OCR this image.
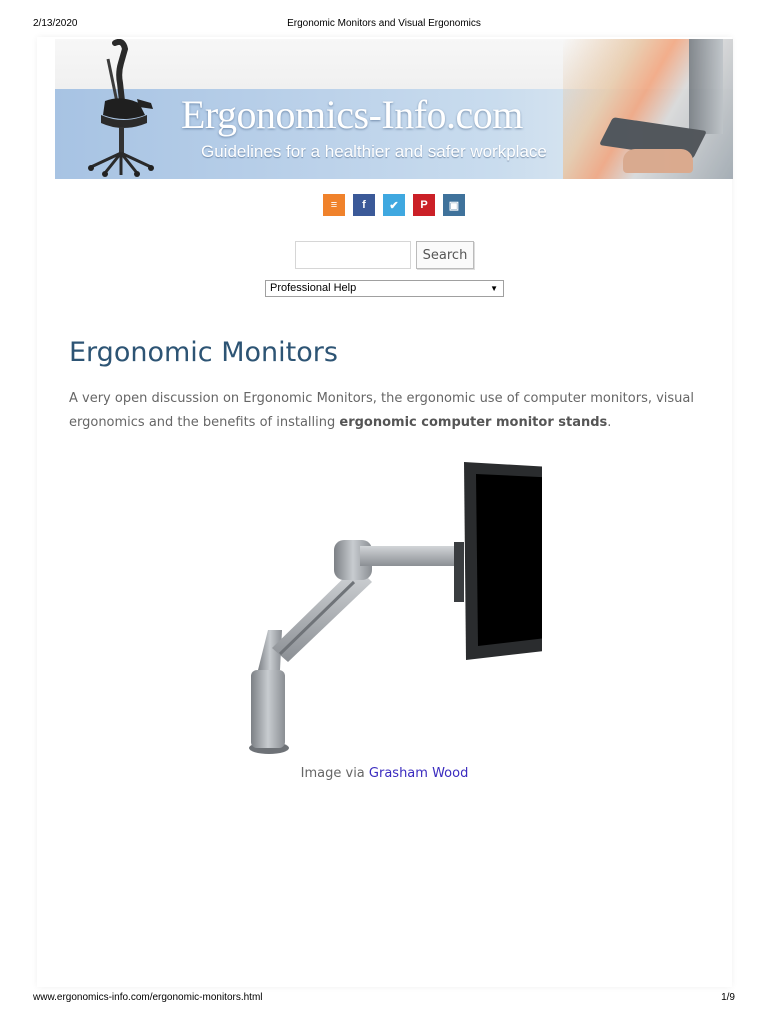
2/13/2020	Ergonomic Monitors and Visual Ergonomics
Ergonomics-Info.com
Guidelines for a healthier and safer workplace
≡	f	✔	P	▣
Search
Professional Help	▼
Ergonomic Monitors

A very open discussion on Ergonomic Monitors, the ergonomic use of computer monitors, visual ergonomics and the benefits of installing ergonomic computer monitor stands.

Image via Grasham Wood
www.ergonomics-info.com/ergonomic-monitors.html	1/9
